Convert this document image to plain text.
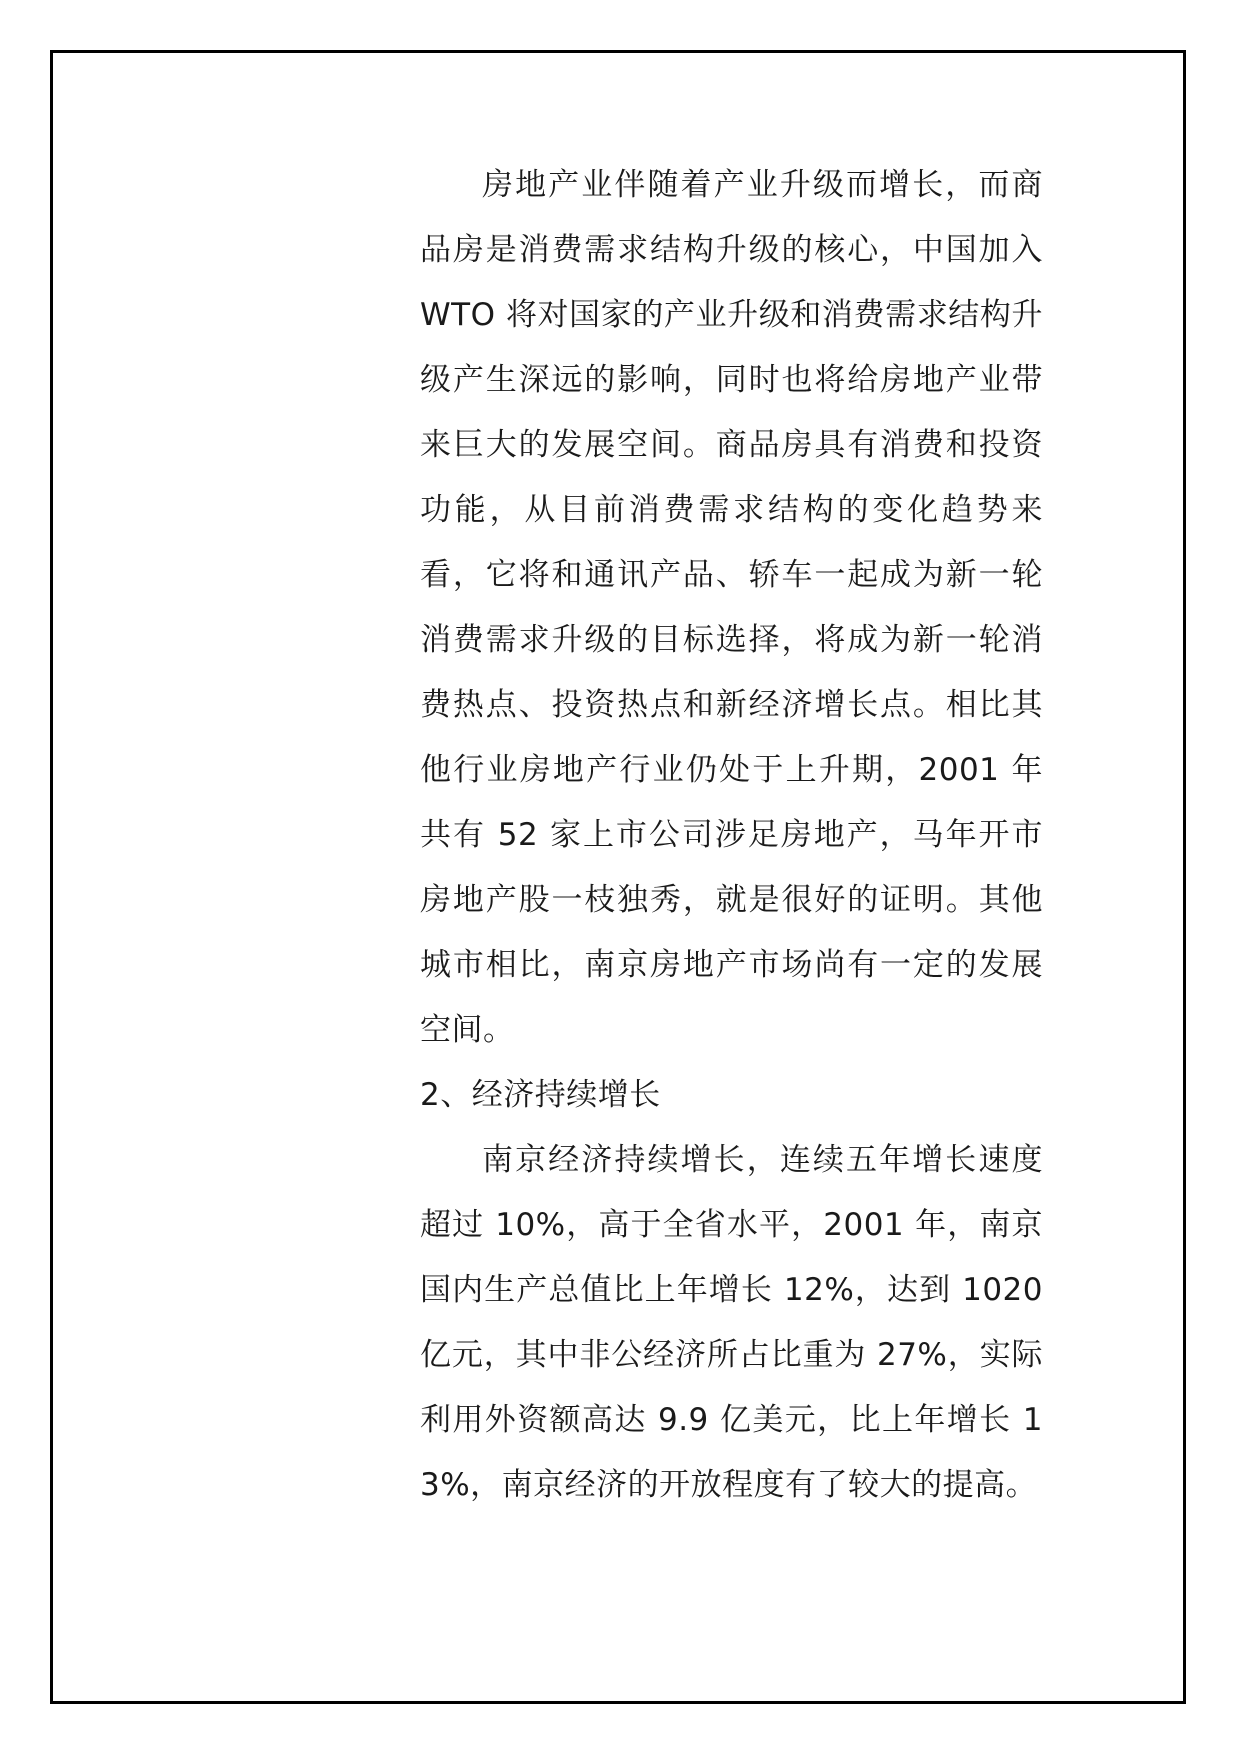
房地产业伴随着产业升级而增长，而商品房是消费需求结构升级的核心，中国加入 WTO 将对国家的产业升级和消费需求结构升级产生深远的影响，同时也将给房地产业带来巨大的发展空间。商品房具有消费和投资功能，从目前消费需求结构的变化趋势来看，它将和通讯产品、轿车一起成为新一轮消费需求升级的目标选择，将成为新一轮消费热点、投资热点和新经济增长点。相比其他行业房地产行业仍处于上升期，2001 年共有 52 家上市公司涉足房地产，马年开市房地产股一枝独秀，就是很好的证明。其他城市相比，南京房地产市场尚有一定的发展空间。

2、经济持续增长

南京经济持续增长，连续五年增长速度超过 10%，高于全省水平，2001 年，南京国内生产总值比上年增长 12%，达到 1020 亿元，其中非公经济所占比重为 27%，实际利用外资额高达 9.9 亿美元，比上年增长 13%，南京经济的开放程度有了较大的提高。
